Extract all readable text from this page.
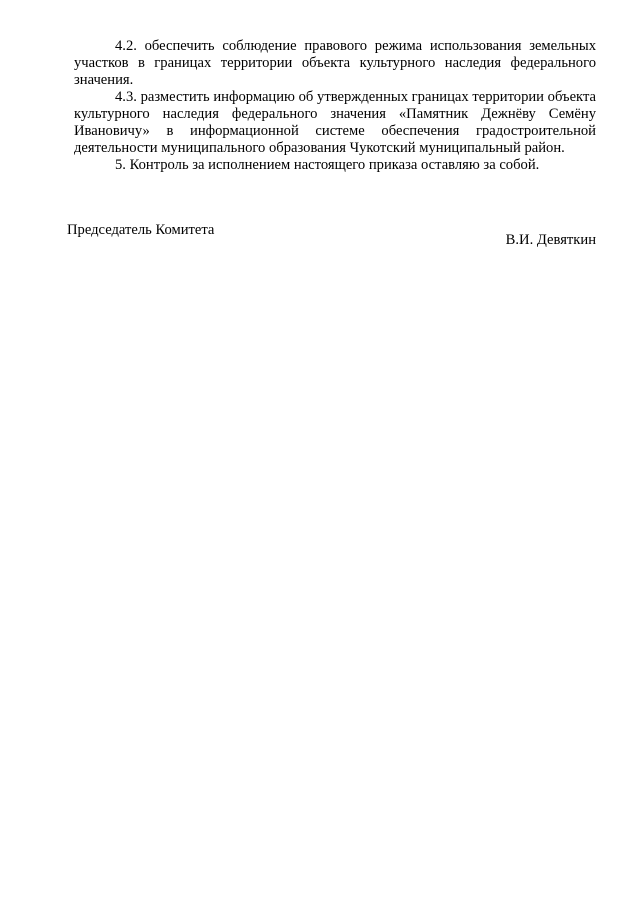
4.2. обеспечить соблюдение правового режима использования земельных участков в границах территории объекта культурного наследия федерального значения.

4.3. разместить информацию об утвержденных границах территории объекта культурного наследия федерального значения «Памятник Дежнёву Семёну Ивановичу» в информационной системе обеспечения градостроительной деятельности муниципального образования Чукотский муниципальный район.

5. Контроль за исполнением настоящего приказа оставляю за собой.

Председатель Комитета
В.И. Девяткин
